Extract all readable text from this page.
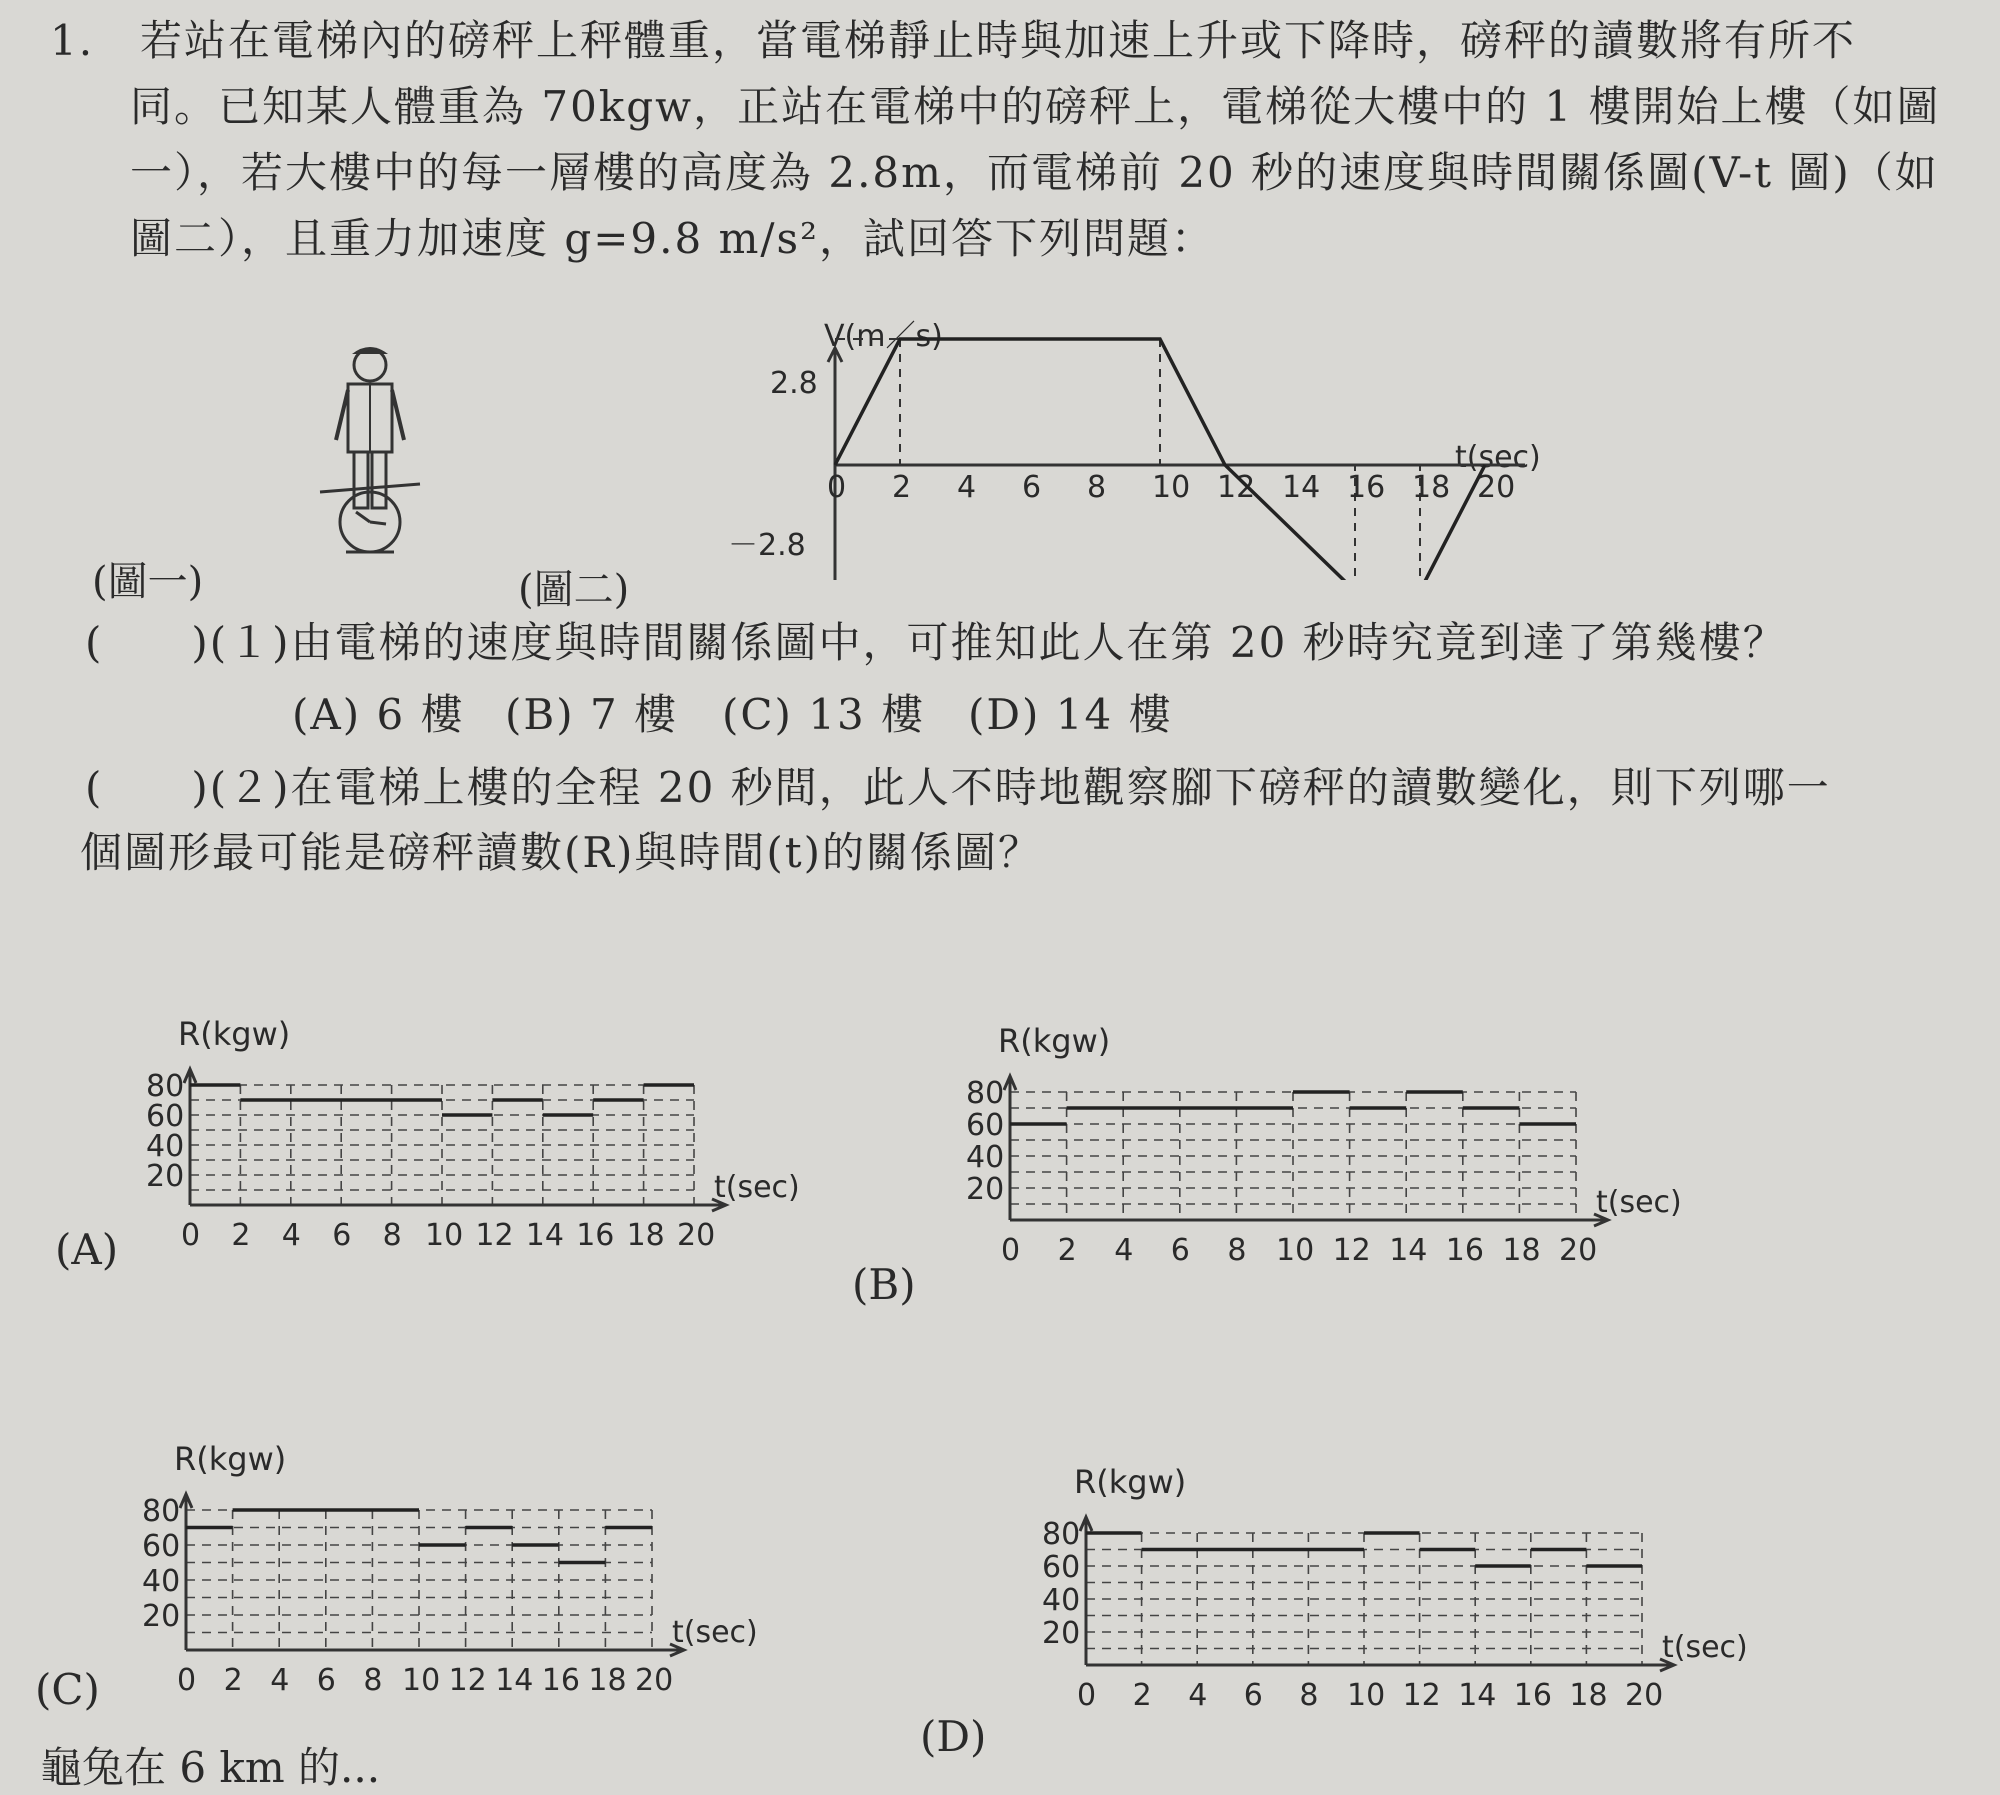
1. 若站在電梯內的磅秤上秤體重，當電梯靜止時與加速上升或下降時，磅秤的讀數將有所不
同。已知某人體重為 70kgw，正站在電梯中的磅秤上，電梯從大樓中的 1 樓開始上樓（如圖
一），若大樓中的每一層樓的高度為 2.8m，而電梯前 20 秒的速度與時間關係圖(V-t 圖)（如
圖二），且重力加速度 g=9.8 m/s²，試回答下列問題：
(圖一)	(圖二)
V(m／s)
t(sec)
2.8
－2.8
0 2 4 6 8 10 12 14 16 18 20
(　　)(１)由電梯的速度與時間關係圖中，可推知此人在第 20 秒時究竟到達了第幾樓？
(A) 6 樓 (B) 7 樓 (C) 13 樓 (D) 14 樓
(　　)(２)在電梯上樓的全程 20 秒間，此人不時地觀察腳下磅秤的讀數變化，則下列哪一
個圖形最可能是磅秤讀數(R)與時間(t)的關係圖？
R(kgw)
80
60
40
20
0 2 4 6 8 10 12 14 16 18 20
t(sec)
R(kgw)
80
60
40
20
0 2 4 6 8 10 12 14 16 18 20
t(sec)
R(kgw)
80
60
40
20
0 2 4 6 8 10 12 14 16 18 20
t(sec)
R(kgw)
80
60
40
20
0 2 4 6 8 10 12 14 16 18 20
t(sec)
(A)
(B)
(C)
(D)
龜兔在 6 km 的...
